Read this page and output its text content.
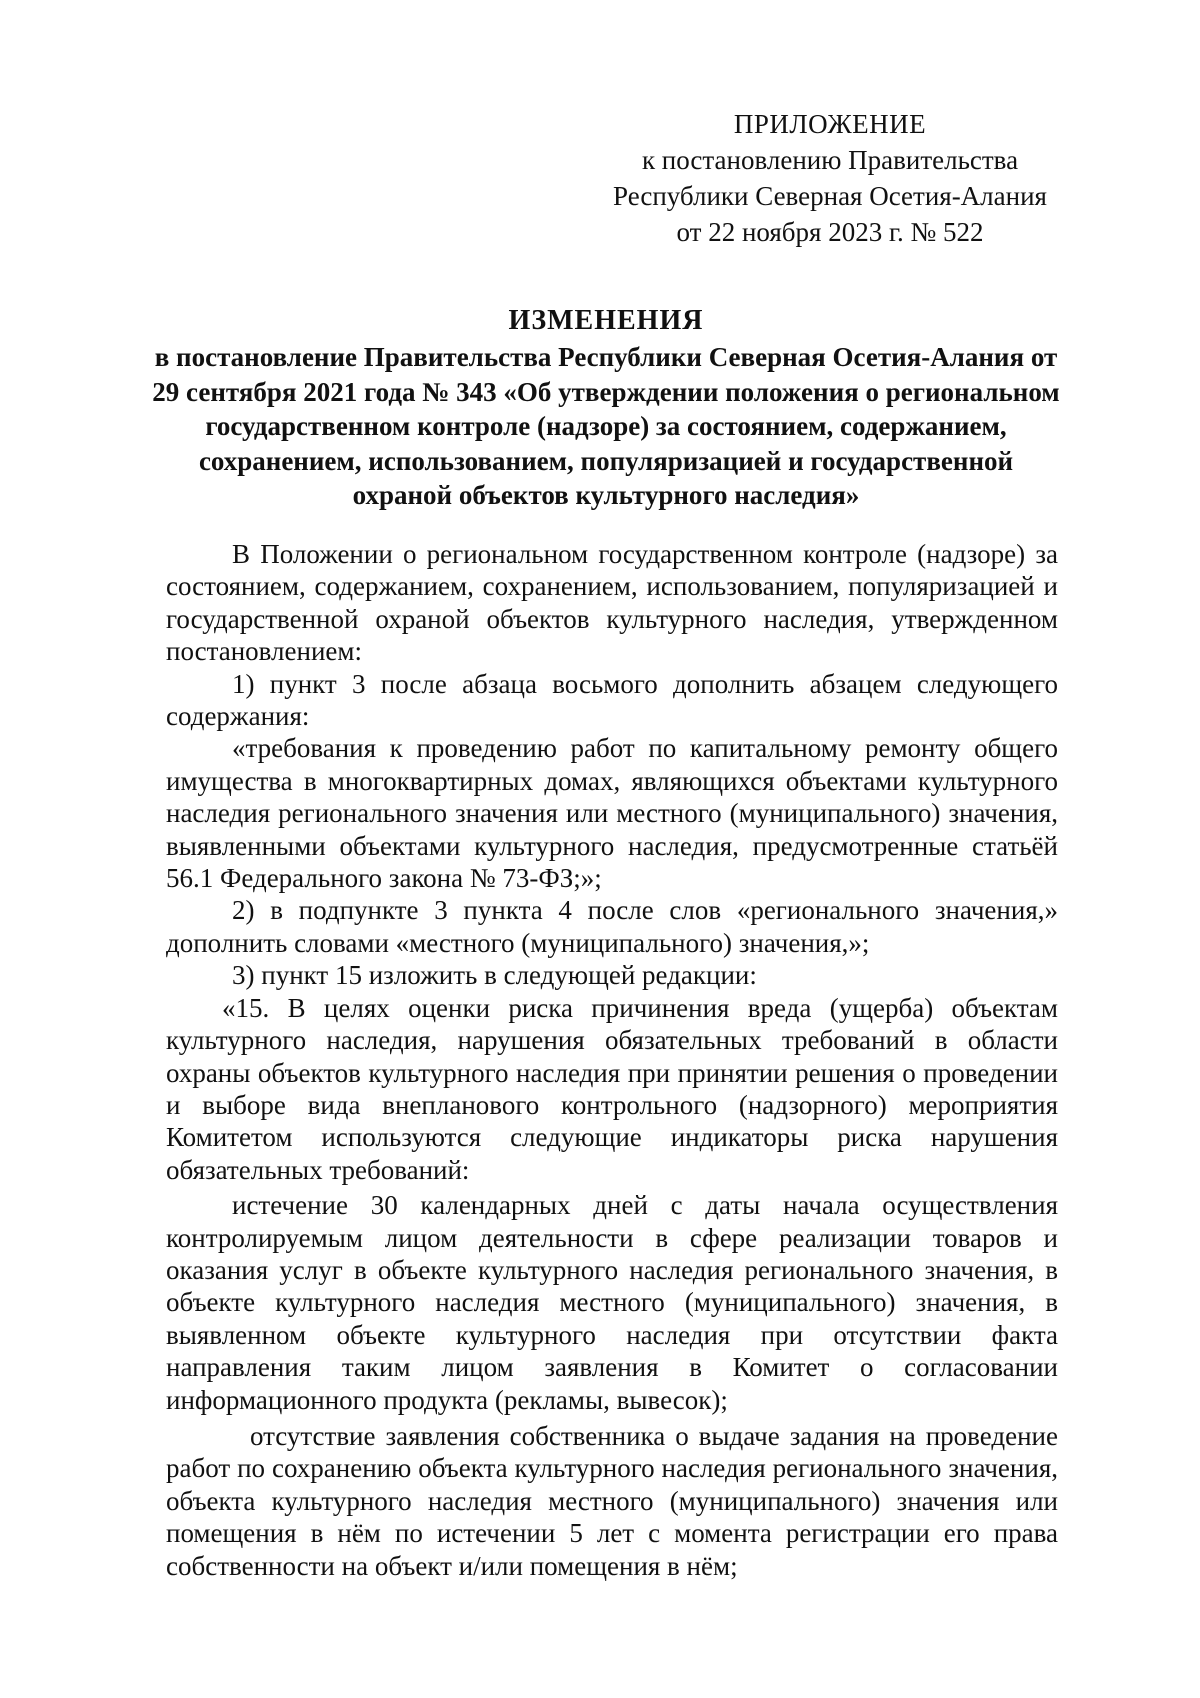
ПРИЛОЖЕНИЕ
к постановлению Правительства
Республики Северная Осетия-Алания
от 22 ноября 2023 г. № 522
ИЗМЕНЕНИЯ
в постановление Правительства Республики Северная Осетия-Алания от 29 сентября 2021 года № 343 «Об утверждении положения о региональном государственном контроле (надзоре) за состоянием, содержанием, сохранением, использованием, популяризацией и государственной охраной объектов культурного наследия»

В Положении о региональном государственном контроле (надзоре) за состоянием, содержанием, сохранением, использованием, популяризацией и государственной охраной объектов культурного наследия, утвержденном постановлением:

1) пункт 3 после абзаца восьмого дополнить абзацем следующего содержания:

«требования к проведению работ по капитальному ремонту общего имущества в многоквартирных домах, являющихся объектами культурного наследия регионального значения или местного (муниципального) значения, выявленными объектами культурного наследия, предусмотренные статьёй 56.1 Федерального закона № 73-ФЗ;»;

2) в подпункте 3 пункта 4 после слов «регионального значения,» дополнить словами «местного (муниципального) значения,»;

3) пункт 15 изложить в следующей редакции:

«15. В целях оценки риска причинения вреда (ущерба) объектам культурного наследия, нарушения обязательных требований в области охраны объектов культурного наследия при принятии решения о проведении и выборе вида внепланового контрольного (надзорного) мероприятия Комитетом используются следующие индикаторы риска нарушения обязательных требований:

истечение 30 календарных дней с даты начала осуществления контролируемым лицом деятельности в сфере реализации товаров и оказания услуг в объекте культурного наследия регионального значения, в объекте культурного наследия местного (муниципального) значения, в выявленном объекте культурного наследия при отсутствии факта направления таким лицом заявления в Комитет о согласовании информационного продукта (рекламы, вывесок);

отсутствие заявления собственника о выдаче задания на проведение работ по сохранению объекта культурного наследия регионального значения, объекта культурного наследия местного (муниципального) значения или помещения в нём по истечении 5 лет с момента регистрации его права собственности на объект и/или помещения в нём;
